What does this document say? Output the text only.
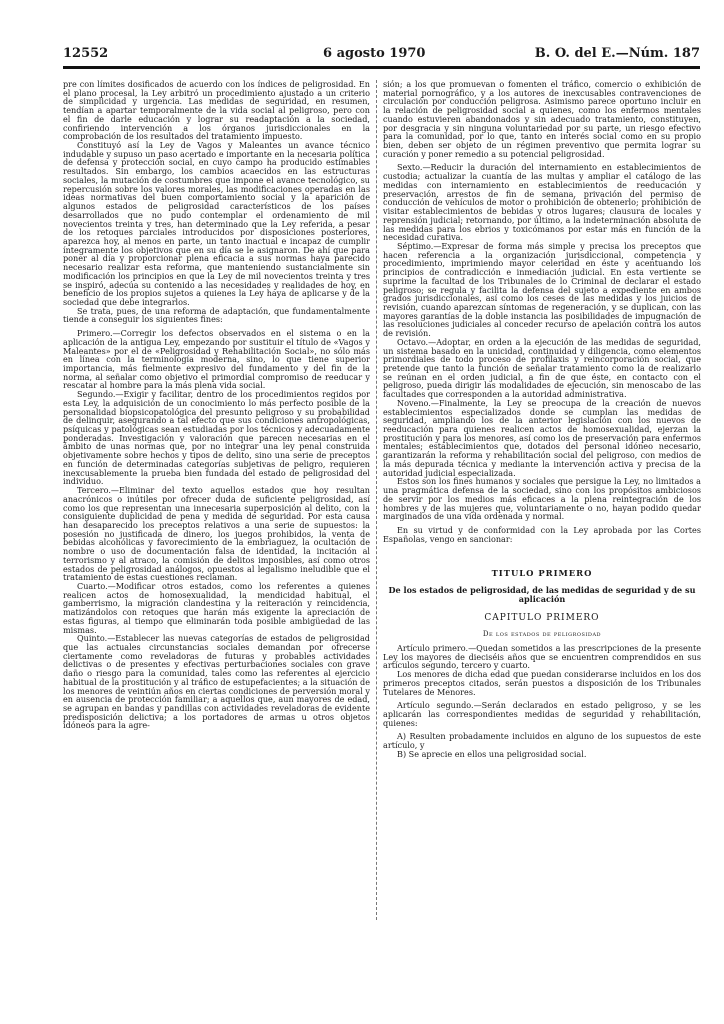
12552	6 agosto 1970	B. O. del E.—Núm. 187

pre con límites dosificados de acuerdo con los índices de peligrosidad. En el plano procesal, la Ley arbitró un procedimiento ajustado a un criterio de simplicidad y urgencia. Las medidas de seguridad, en resumen, tendían a apartar temporalmente de la vida social al peligroso, pero con el fin de darle educación y lograr su readaptación a la sociedad, confiriendo intervención a los órganos jurisdiccionales en la comprobación de los resultados del tratamiento impuesto.

Constituyó así la Ley de Vagos y Maleantes un avance técnico indudable y supuso un paso acertado e importante en la necesaria política de defensa y protección social, en cuyo campo ha producido estimables resultados. Sin embargo, los cambios acaecidos en las estructuras sociales, la mutación de costumbres que impone el avance tecnológico, su repercusión sobre los valores morales, las modificaciones operadas en las ideas normativas del buen comportamiento social y la aparición de algunos estados de peligrosidad característicos de los países desarrollados que no pudo contemplar el ordenamiento de mil novecientos treinta y tres, han determinado que la Ley referida, a pesar de los retoques parciales introducidos por disposiciones posteriores, aparezca hoy, al menos en parte, un tanto inactual e incapaz de cumplir íntegramente los objetivos que en su día se le asignaron. De ahí que para poner al día y proporcionar plena eficacia a sus normas haya parecido necesario realizar esta reforma, que manteniendo sustancialmente sin modificación los principios en que la Ley de mil novecientos treinta y tres se inspiró, adecúa su contenido a las necesidades y realidades de hoy, en beneficio de los propios sujetos a quienes la Ley haya de aplicarse y de la sociedad que debe integrarlos.

Se trata, pues, de una reforma de adaptación, que fundamentalmente tiende a conseguir los siguientes fines:

Primero.—Corregir los defectos observados en el sistema o en la aplicación de la antigua Ley, empezando por sustituir el título de «Vagos y Maleantes» por el de «Peligrosidad y Rehabilitación Social», no sólo más en línea con la terminología moderna, sino, lo que tiene superior importancia, más fielmente expresivo del fundamento y del fin de la norma, al señalar como objetivo el primordial compromiso de reeducar y rescatar al hombre para la más plena vida social.

Segundo.—Exigir y facilitar, dentro de los procedimientos regidos por esta Ley, la adquisición de un conocimiento lo más perfecto posible de la personalidad biopsicopatológica del presunto peligroso y su probabilidad de delinquir, asegurando a tal efecto que sus condiciones antropológicas, psíquicas y patológicas sean estudiadas por los técnicos y adecuadamente ponderadas. Investigación y valoración que parecen necesarias en el ámbito de unas normas que, por no integrar una ley penal construida objetivamente sobre hechos y tipos de delito, sino una serie de preceptos en función de determinadas categorías subjetivas de peligro, requieren inexcusablemente la prueba bien fundada del estado de peligrosidad del individuo.

Tercero.—Eliminar del texto aquellos estados que hoy resultan anacrónicos o inútiles por ofrecer duda de suficiente peligrosidad, así como los que representan una innecesaria superposición al delito, con la consiguiente duplicidad de pena y medida de seguridad. Por esta causa han desaparecido los preceptos relativos a una serie de supuestos: la posesión no justificada de dinero, los juegos prohibidos, la venta de bebidas alcohólicas y favorecimiento de la embriaguez, la ocultación de nombre o uso de documentación falsa de identidad, la incitación al terrorismo y al atraco, la comisión de delitos imposibles, así como otros estados de peligrosidad análogos, opuestos al legalismo ineludible que el tratamiento de estas cuestiones reclaman.

Cuarto.—Modificar otros estados, como los referentes a quienes realicen actos de homosexualidad, la mendicidad habitual, el gamberrismo, la migración clandestina y la reiteración y reincidencia, matizándolos con retoques que harán más exigente la apreciación de estas figuras, al tiempo que eliminarán toda posible ambigüedad de las mismas.

Quinto.—Establecer las nuevas categorías de estados de peligrosidad que las actuales circunstancias sociales demandan por ofrecerse ciertamente como reveladoras de futuras y probables actividades delictivas o de presentes y efectivas perturbaciones sociales con grave daño o riesgo para la comunidad, tales como las referentes al ejercicio habitual de la prostitución y al tráfico de estupefacientes; a la situación de los menores de veintiún años en ciertas condiciones de perversión moral y en ausencia de protección familiar; a aquellos que, aun mayores de edad, se agrupan en bandas y pandillas con actividades reveladoras de evidente predisposición delictiva; a los portadores de armas u otros objetos idóneos para la agre-

sión; a los que promuevan o fomenten el tráfico, comercio o exhibición de material pornográfico, y a los autores de inexcusables contravenciones de circulación por conducción peligrosa. Asimismo parece oportuno incluir en la relación de peligrosidad social a quienes, como los enfermos mentales cuando estuvieren abandonados y sin adecuado tratamiento, constituyen, por desgracia y sin ninguna voluntariedad por su parte, un riesgo efectivo para la comunidad, por lo que, tanto en interés social como en su propio bien, deben ser objeto de un régimen preventivo que permita lograr su curación y poner remedio a su potencial peligrosidad.

Sexto.—Reducir la duración del internamiento en establecimientos de custodia; actualizar la cuantía de las multas y ampliar el catálogo de las medidas con internamiento en establecimientos de reeducación y preservación, arrestos de fin de semana, privación del permiso de conducción de vehículos de motor o prohibición de obtenerlo; prohibición de visitar establecimientos de bebidas y otros lugares; clausura de locales y reprensión judicial; retornando, por último, a la indeterminación absoluta de las medidas para los ebrios y toxicómanos por estar más en función de la necesidad curativa.

Séptimo.—Expresar de forma más simple y precisa los preceptos que hacen referencia a la organización jurisdiccional, competencia y procedimiento, imprimiendo mayor celeridad en éste y acentuando los principios de contradicción e inmediación judicial. En esta vertiente se suprime la facultad de los Tribunales de lo Criminal de declarar el estado peligroso; se regula y facilita la defensa del sujeto a expediente en ambos grados jurisdiccionales, así como los ceses de las medidas y los juicios de revisión, cuando aparezcan síntomas de regeneración, y se duplican, con las mayores garantías de la doble instancia las posibilidades de impugnación de las resoluciones judiciales al conceder recurso de apelación contra los autos de revisión.

Octavo.—Adoptar, en orden a la ejecución de las medidas de seguridad, un sistema basado en la unicidad, continuidad y diligencia, como elementos primordiales de todo proceso de profilaxis y reincorporación social, que pretende que tanto la función de señalar tratamiento como la de realizarlo se reúnan en el orden judicial, a fin de que éste, en contacto con el peligroso, pueda dirigir las modalidades de ejecución, sin menoscabo de las facultades que corresponden a la autoridad administrativa.

Noveno.—Finalmente, la Ley se preocupa de la creación de nuevos establecimientos especializados donde se cumplan las medidas de seguridad, ampliando los de la anterior legislación con los nuevos de reeducación para quienes realicen actos de homosexualidad, ejerzan la prostitución y para los menores, así como los de preservación para enfermos mentales; establecimientos que, dotados del personal idóneo necesario, garantizarán la reforma y rehabilitación social del peligroso, con medios de la más depurada técnica y mediante la intervención activa y precisa de la autoridad judicial especializada.

Estos son los fines humanos y sociales que persigue la Ley, no limitados a una pragmática defensa de la sociedad, sino con los propósitos ambiciosos de servir por los medios más eficaces a la plena reintegración de los hombres y de las mujeres que, voluntariamente o no, hayan podido quedar marginados de una vida ordenada y normal.

En su virtud y de conformidad con la Ley aprobada por las Cortes Españolas, vengo en sancionar:

TITULO PRIMERO

De los estados de peligrosidad, de las medidas de seguridad y de su aplicación

CAPITULO PRIMERO

De los estados de peligrosidad

Artículo primero.—Quedan sometidos a las prescripciones de la presente Ley los mayores de dieciséis años que se encuentren comprendidos en sus artículos segundo, tercero y cuarto.

Los menores de dicha edad que puedan considerarse incluidos en los dos primeros preceptos citados, serán puestos a disposición de los Tribunales Tutelares de Menores.

Artículo segundo.—Serán declarados en estado peligroso, y se les aplicarán las correspondientes medidas de seguridad y rehabilitación, quienes:

A) Resulten probadamente incluidos en alguno de los supuestos de este artículo, y

B) Se aprecie en ellos una peligrosidad social.
